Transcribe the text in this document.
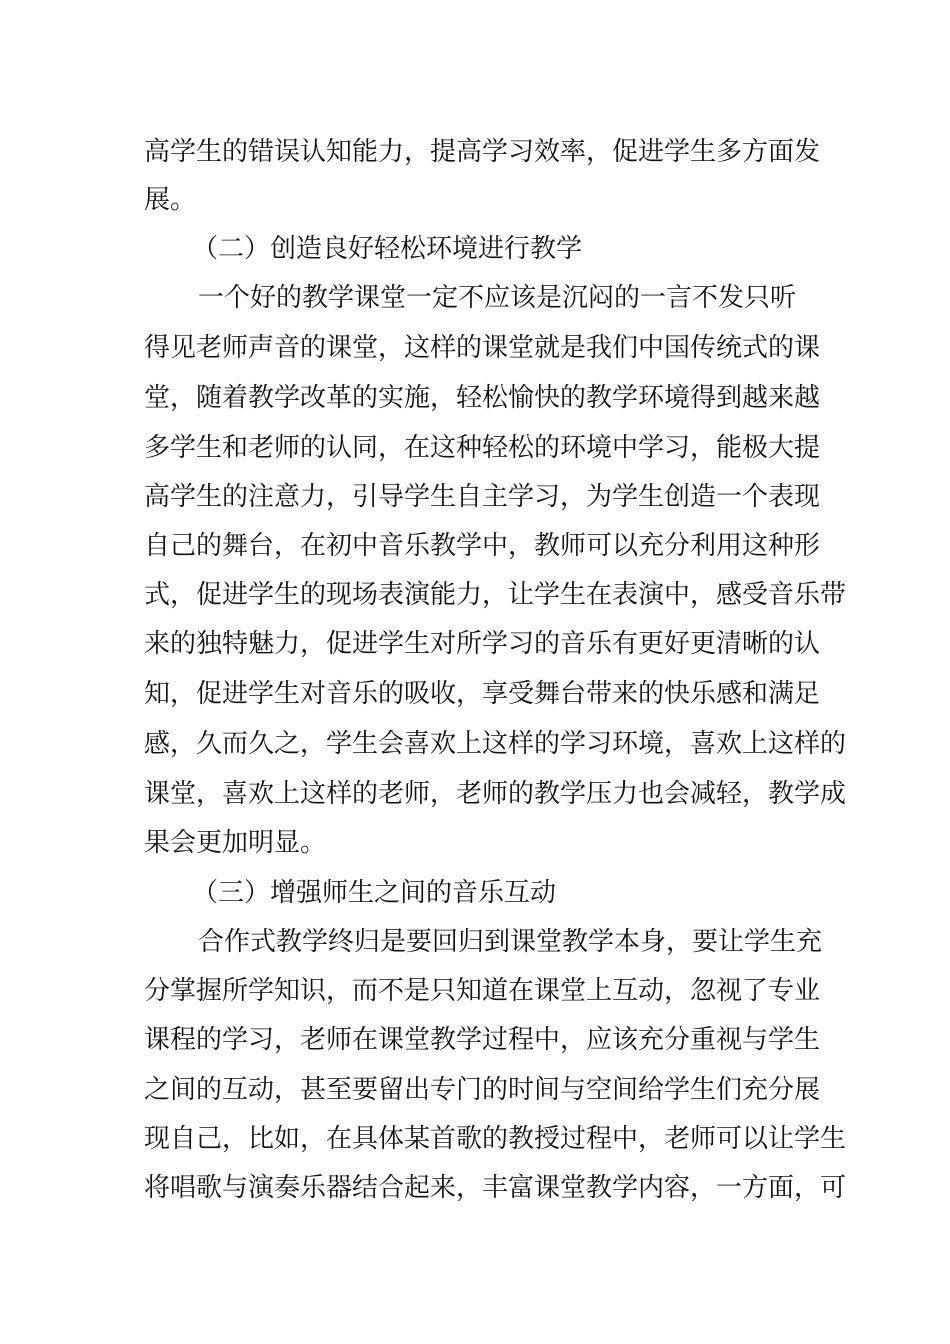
高学生的错误认知能力，提高学习效率，促进学生多方面发
展。
（二）创造良好轻松环境进行教学
一个好的教学课堂一定不应该是沉闷的一言不发只听
得见老师声音的课堂，这样的课堂就是我们中国传统式的课
堂，随着教学改革的实施，轻松愉快的教学环境得到越来越
多学生和老师的认同，在这种轻松的环境中学习，能极大提
高学生的注意力，引导学生自主学习，为学生创造一个表现
自己的舞台，在初中音乐教学中，教师可以充分利用这种形
式，促进学生的现场表演能力，让学生在表演中，感受音乐带
来的独特魅力，促进学生对所学习的音乐有更好更清晰的认
知，促进学生对音乐的吸收，享受舞台带来的快乐感和满足
感，久而久之，学生会喜欢上这样的学习环境，喜欢上这样的
课堂，喜欢上这样的老师，老师的教学压力也会减轻，教学成
果会更加明显。
（三）增强师生之间的音乐互动
合作式教学终归是要回归到课堂教学本身，要让学生充
分掌握所学知识，而不是只知道在课堂上互动，忽视了专业
课程的学习，老师在课堂教学过程中，应该充分重视与学生
之间的互动，甚至要留出专门的时间与空间给学生们充分展
现自己，比如，在具体某首歌的教授过程中，老师可以让学生
将唱歌与演奏乐器结合起来，丰富课堂教学内容，一方面，可
